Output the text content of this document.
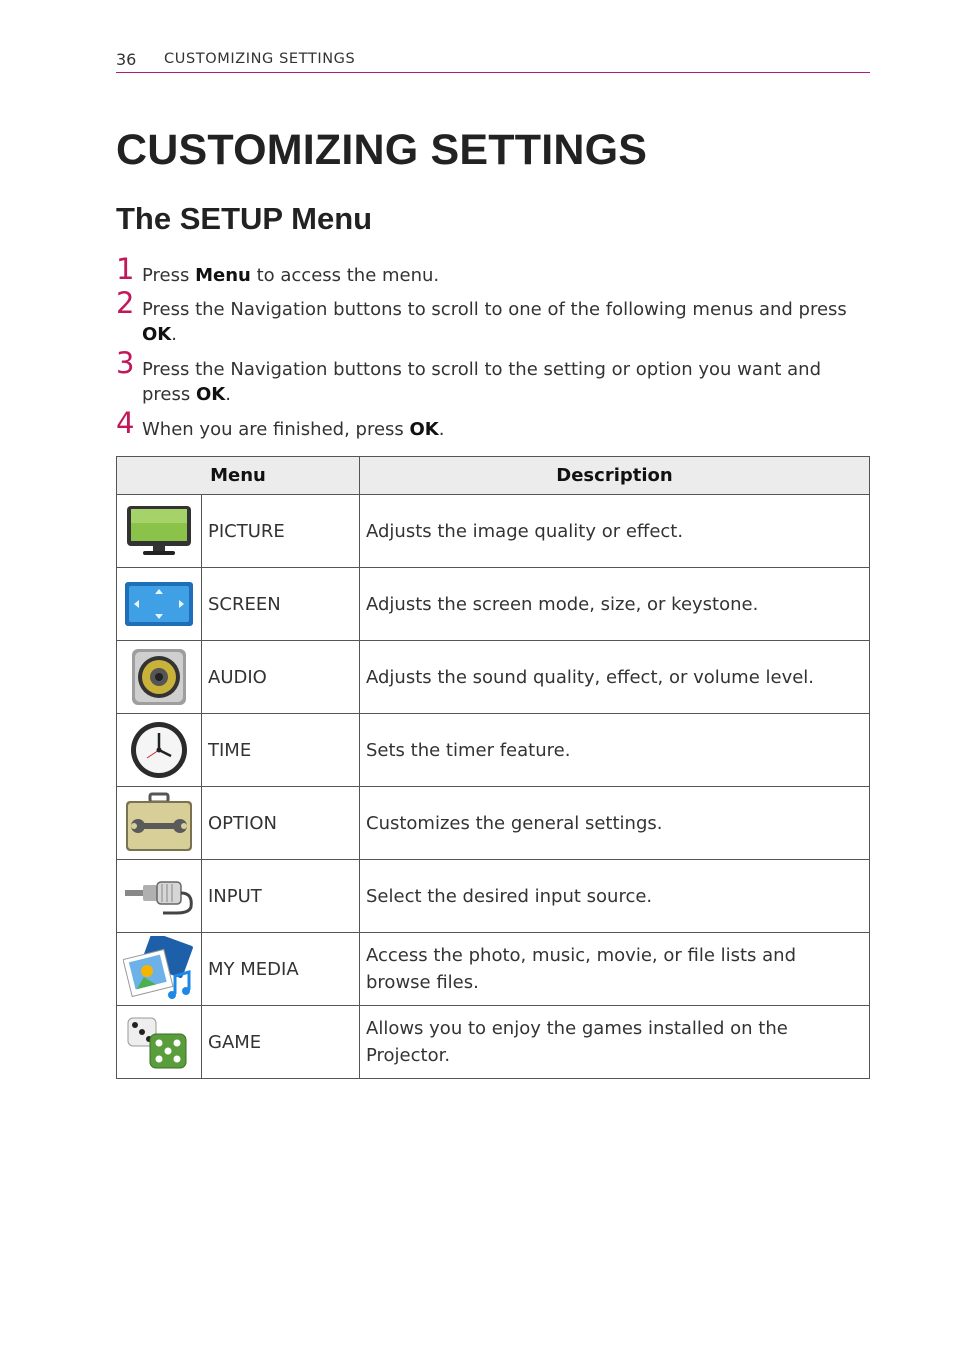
36 CUSTOMIZING SETTINGS
CUSTOMIZING SETTINGS
The SETUP Menu
1 Press Menu to access the menu.
2 Press the Navigation buttons to scroll to one of the following menus and press OK.
3 Press the Navigation buttons to scroll to the setting or option you want and press OK.
4 When you are finished, press OK.
Menu		Description

	PICTURE	Adjusts the image quality or effect.

	SCREEN	Adjusts the screen mode, size, or keystone.

	AUDIO	Adjusts the sound quality, effect, or volume level.

	TIME	Sets the timer feature.

	OPTION	Customizes the general settings.

	INPUT	Select the desired input source.

	MY MEDIA	Access the photo, music, movie, or file lists and browse files.

	GAME	Allows you to enjoy the games installed on the Projector.
